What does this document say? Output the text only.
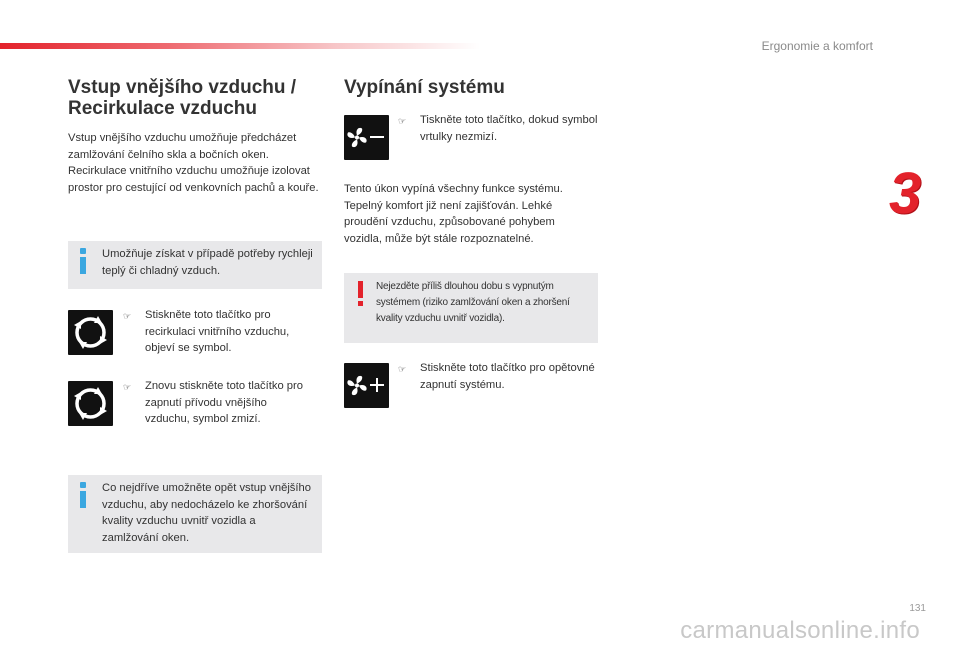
Ergonomie a komfort
3
Vstup vnějšího vzduchu / Recirkulace vzduchu

Vstup vnějšího vzduchu umožňuje předcházet zamlžování čelního skla a bočních oken. Recirkulace vnitřního vzduchu umožňuje izolovat prostor pro cestující od venkovních pachů a kouře.

Umožňuje získat v případě potřeby rychleji teplý či chladný vzduch.

☞ Stiskněte toto tlačítko pro recirkulaci vnitřního vzduchu, objeví se symbol.
☞ Znovu stiskněte toto tlačítko pro zapnutí přívodu vnějšího vzduchu, symbol zmizí.

Co nejdříve umožněte opět vstup vnějšího vzduchu, aby nedocházelo ke zhoršování kvality vzduchu uvnitř vozidla a zamlžování oken.

Vypínání systému
☞ Tiskněte toto tlačítko, dokud symbol vrtulky nezmizí.

Tento úkon vypíná všechny funkce systému. Tepelný komfort již není zajišťován. Lehké proudění vzduchu, způsobované pohybem vozidla, může být stále rozpoznatelné.

Nejezděte příliš dlouhou dobu s vypnutým systémem (riziko zamlžování oken a zhoršení kvality vzduchu uvnitř vozidla).

☞ Stiskněte toto tlačítko pro opětovné zapnutí systému.
131
carmanualsonline.info
